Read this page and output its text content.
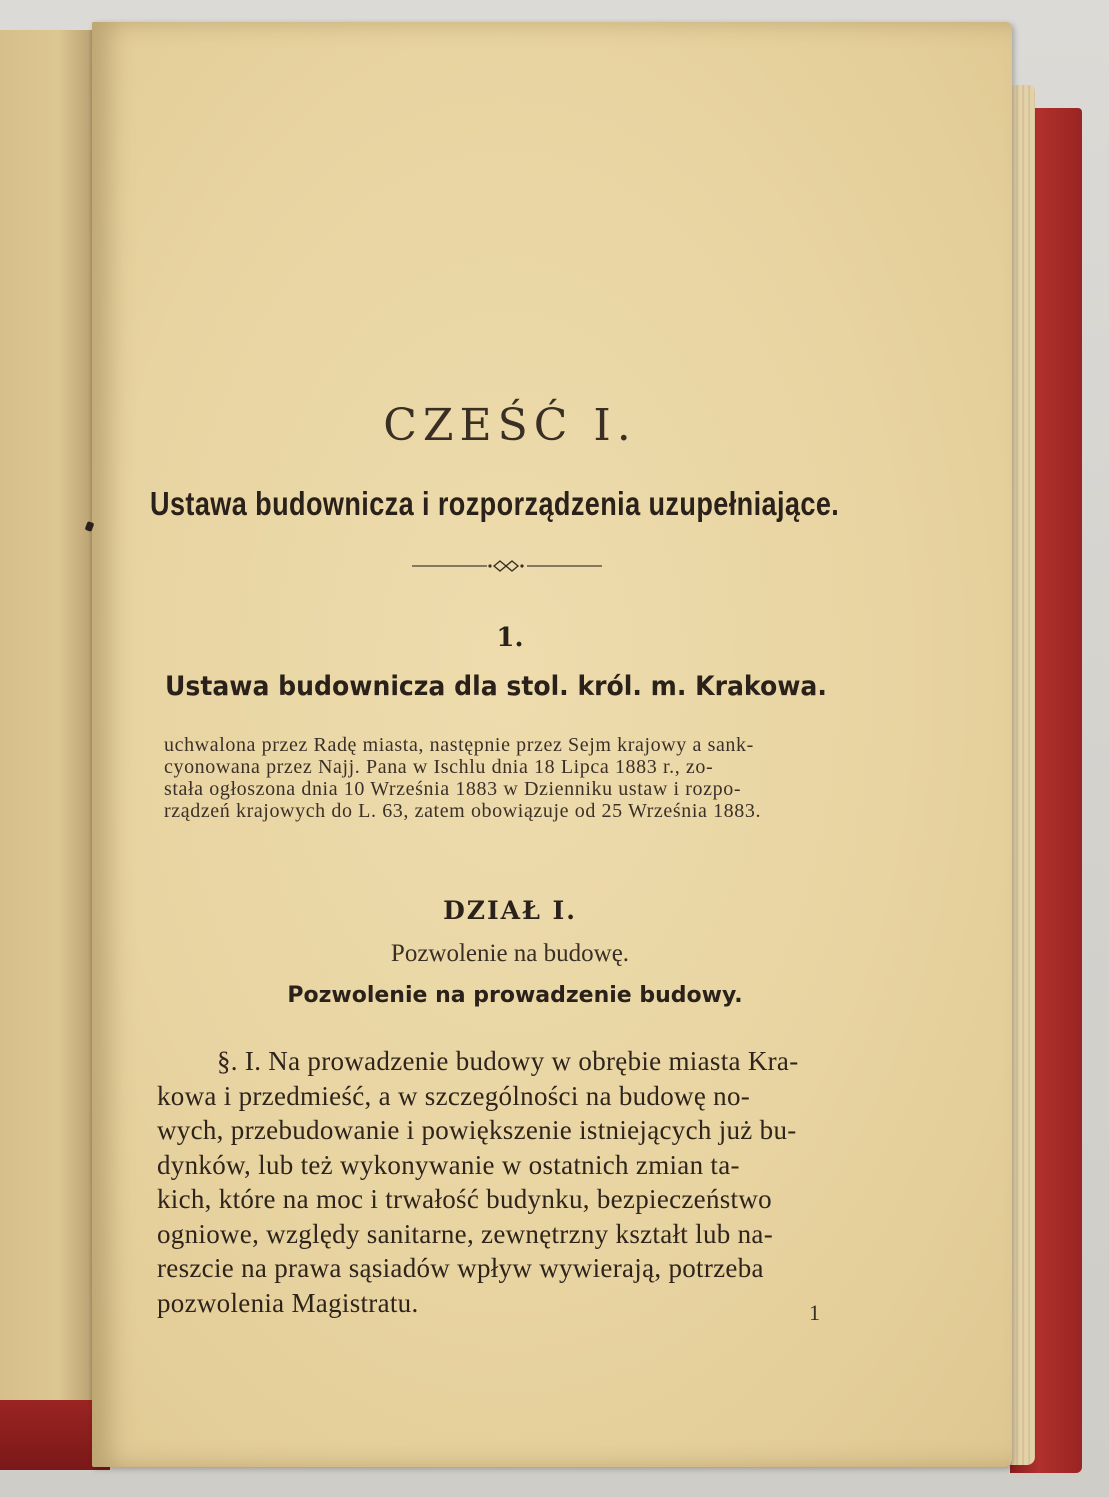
CZEŚĆ I.
Ustawa budownicza i rozporządzenia uzupełniające.
1.
Ustawa budownicza dla stol. król. m. Krakowa.
uchwalona przez Radę miasta, następnie przez Sejm krajowy a sank-
cyonowana przez Najj. Pana w Ischlu dnia 18 Lipca 1883 r., zo-
stała ogłoszona dnia 10 Września 1883 w Dzienniku ustaw i rozpo-
rządzeń krajowych do L. 63, zatem obowiązuje od 25 Września 1883.
DZIAŁ I.
Pozwolenie na budowę.
Pozwolenie na prowadzenie budowy.
§. I. Na prowadzenie budowy w obrębie miasta Kra-
kowa i przedmieść, a w szczególności na budowę no-
wych, przebudowanie i powiększenie istniejących już bu-
dynków, lub też wykonywanie w ostatnich zmian ta-
kich, które na moc i trwałość budynku, bezpieczeństwo
ogniowe, względy sanitarne, zewnętrzny kształt lub na-
reszcie na prawa sąsiadów wpływ wywierają, potrzeba
pozwolenia Magistratu.	1
